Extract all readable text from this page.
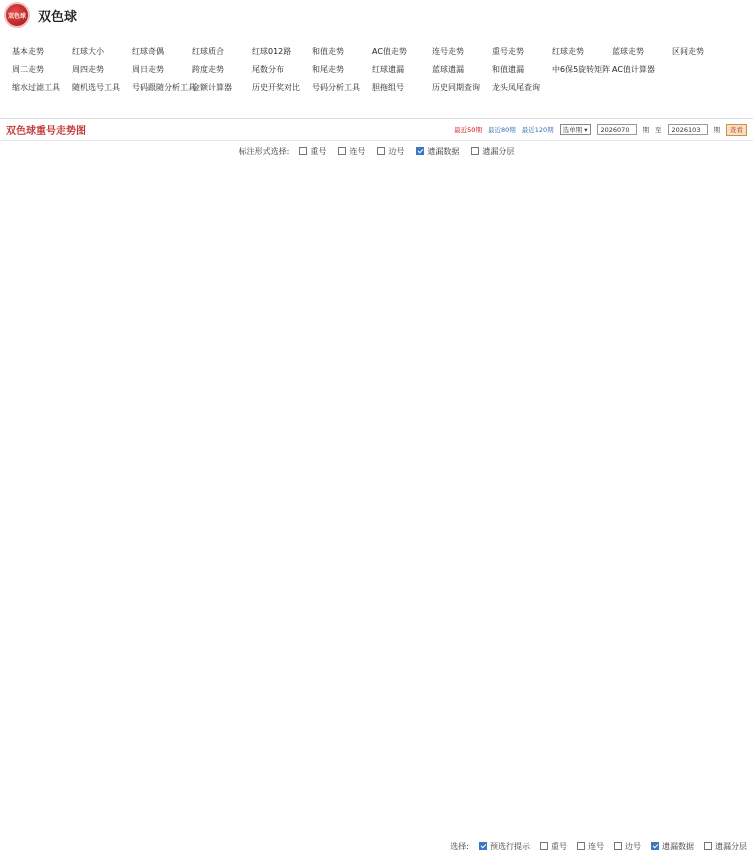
双色球 双色球
基本走势	红球大小	红球奇偶	红球质合	红球012路	和值走势	AC值走势	连号走势	重号走势	红球走势	蓝球走势	区间走势
周二走势	周四走势	周日走势	跨度走势	尾数分布	和尾走势	红球遗漏	蓝球遗漏	和值遗漏	中6保5旋转矩阵 AC值计算器
缩水过滤工具	随机选号工具	号码跟随分析工具
金额计算器	历史开奖对比	号码分析工具	胆拖组号	历史同期查询	龙头凤尾查询
双色球重号走势图	最近50期 最近80期 最近120期 选单期
▾	2026070	期 至	2026103	期	查看
标注形式选择:	重号	连号	边号	遗漏数据	遗漏分层
选择:	预选行提示	重号	连号	边号	遗漏数据	遗漏分层
